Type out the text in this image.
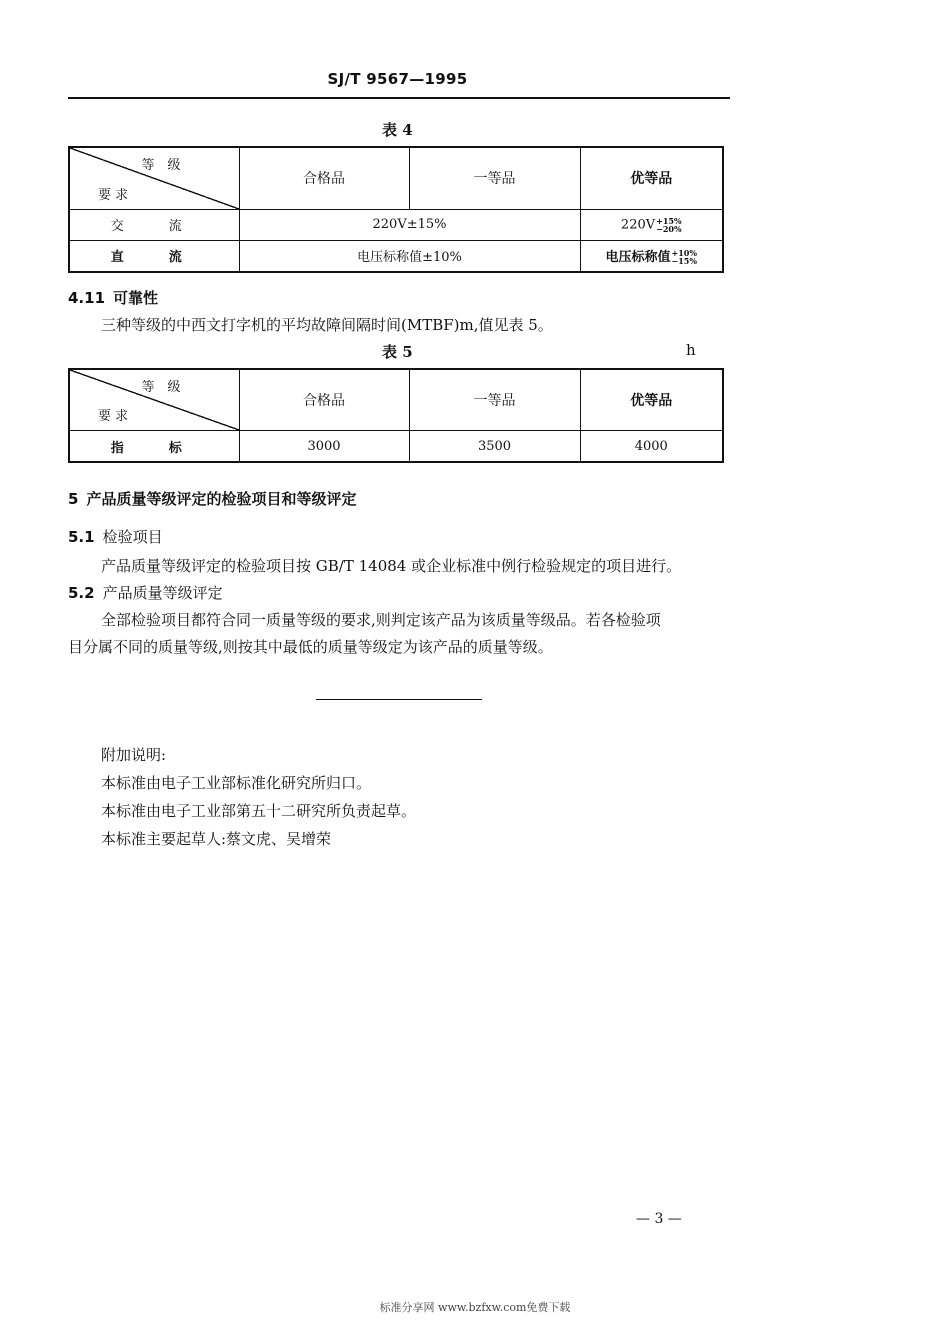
SJ/T 9567—1995
表 4
等　级
要 求	合格品	一等品	优等品
交　流	220V±15%		220V +15%
−20%

直　流	电压标称值±10%		电压标称值 +10%
−15%
4.11 可靠性
三种等级的中西文打字机的平均故障间隔时间(MTBF)m,值见表 5。
表 5	h
等　级
要 求	合格品	一等品	优等品
指　标	3000	3500	4000
5 产品质量等级评定的检验项目和等级评定
5.1 检验项目
产品质量等级评定的检验项目按 GB/T 14084 或企业标准中例行检验规定的项目进行。
5.2 产品质量等级评定
全部检验项目都符合同一质量等级的要求,则判定该产品为该质量等级品。若各检验项
目分属不同的质量等级,则按其中最低的质量等级定为该产品的质量等级。
附加说明:
本标准由电子工业部标准化研究所归口。
本标准由电子工业部第五十二研究所负责起草。
本标准主要起草人:蔡文虎、吴增荣
— 3 —
标准分享网 www.bzfxw.com免费下载
